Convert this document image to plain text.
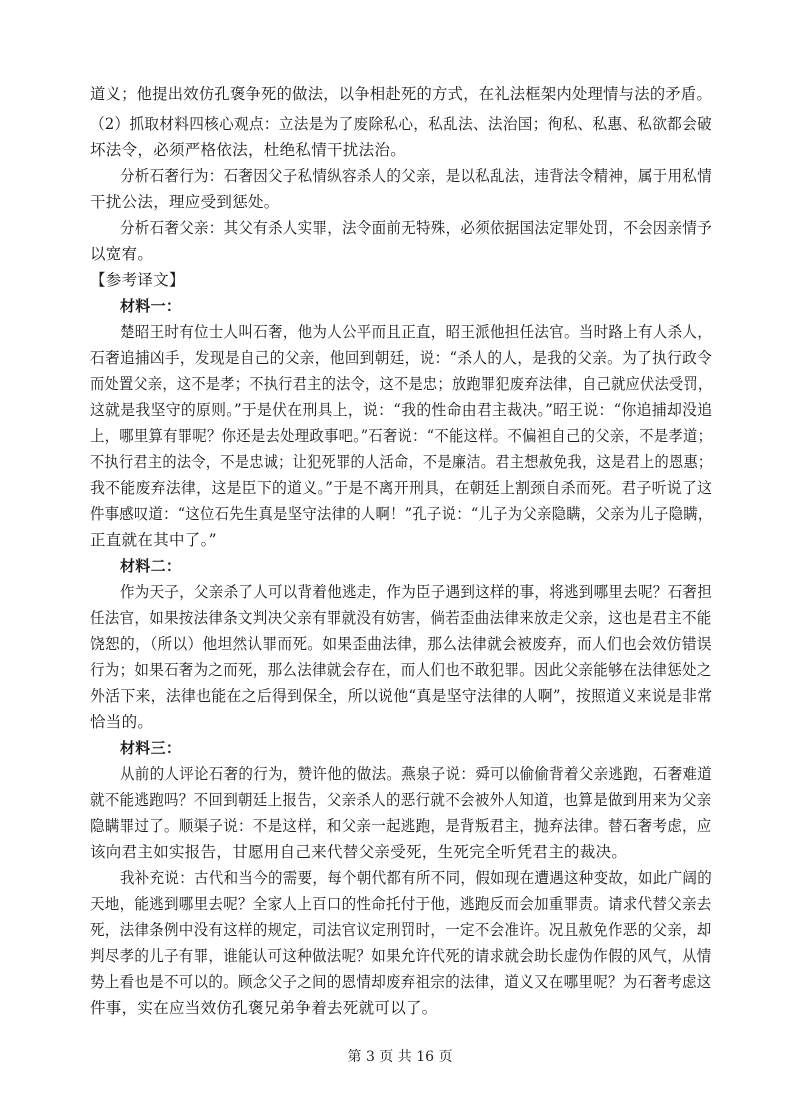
道义；他提出效仿孔褒争死的做法，以争相赴死的方式，在礼法框架内处理情与法的矛盾。
（2）抓取材料四核心观点：立法是为了废除私心，私乱法、法治国；徇私、私惠、私欲都会破
坏法令，必须严格依法，杜绝私情干扰法治。
分析石奢行为：石奢因父子私情纵容杀人的父亲，是以私乱法，违背法令精神，属于用私情
干扰公法，理应受到惩处。
分析石奢父亲：其父有杀人实罪，法令面前无特殊，必须依据国法定罪处罚，不会因亲情予
以宽宥。
【参考译文】
材料一：
楚昭王时有位士人叫石奢，他为人公平而且正直，昭王派他担任法官。当时路上有人杀人，
石奢追捕凶手，发现是自己的父亲，他回到朝廷，说：“杀人的人，是我的父亲。为了执行政令
而处置父亲，这不是孝；不执行君主的法令，这不是忠；放跑罪犯废弃法律，自己就应伏法受罚，
这就是我坚守的原则。”于是伏在刑具上，说：“我的性命由君主裁决。”昭王说：“你追捕却没追
上，哪里算有罪呢？你还是去处理政事吧。”石奢说：“不能这样。不偏袒自己的父亲，不是孝道；
不执行君主的法令，不是忠诚；让犯死罪的人活命，不是廉洁。君主想赦免我，这是君上的恩惠；
我不能废弃法律，这是臣下的道义。”于是不离开刑具，在朝廷上割颈自杀而死。君子听说了这
件事感叹道：“这位石先生真是坚守法律的人啊！”孔子说：“儿子为父亲隐瞒，父亲为儿子隐瞒，
正直就在其中了。”
材料二：
作为天子，父亲杀了人可以背着他逃走，作为臣子遇到这样的事，将逃到哪里去呢？石奢担
任法官，如果按法律条文判决父亲有罪就没有妨害，倘若歪曲法律来放走父亲，这也是君主不能
饶恕的，（所以）他坦然认罪而死。如果歪曲法律，那么法律就会被废弃，而人们也会效仿错误
行为；如果石奢为之而死，那么法律就会存在，而人们也不敢犯罪。因此父亲能够在法律惩处之
外活下来，法律也能在之后得到保全，所以说他“真是坚守法律的人啊”，按照道义来说是非常
恰当的。
材料三：
从前的人评论石奢的行为，赞许他的做法。燕泉子说：舜可以偷偷背着父亲逃跑，石奢难道
就不能逃跑吗？不回到朝廷上报告，父亲杀人的恶行就不会被外人知道，也算是做到用来为父亲
隐瞒罪过了。顺渠子说：不是这样，和父亲一起逃跑，是背叛君主，抛弃法律。替石奢考虑，应
该向君主如实报告，甘愿用自己来代替父亲受死，生死完全听凭君主的裁决。
我补充说：古代和当今的需要，每个朝代都有所不同，假如现在遭遇这种变故，如此广阔的
天地，能逃到哪里去呢？全家人上百口的性命托付于他，逃跑反而会加重罪责。请求代替父亲去
死，法律条例中没有这样的规定，司法官议定刑罚时，一定不会准许。况且赦免作恶的父亲，却
判尽孝的儿子有罪，谁能认可这种做法呢？如果允许代死的请求就会助长虚伪作假的风气，从情
势上看也是不可以的。顾念父子之间的恩情却废弃祖宗的法律，道义又在哪里呢？为石奢考虑这
件事，实在应当效仿孔褒兄弟争着去死就可以了。
第 3 页 共 16 页
